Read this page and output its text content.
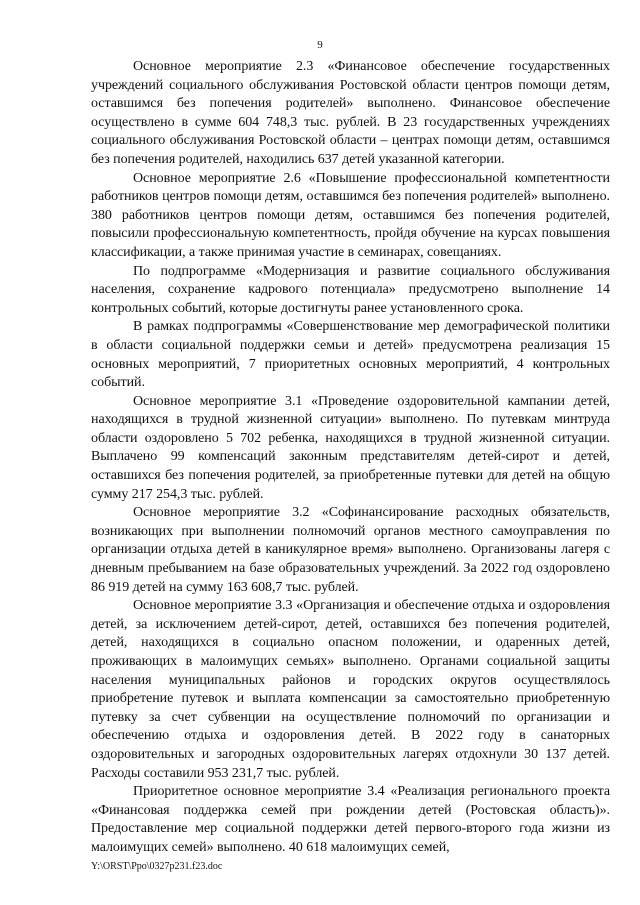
9

Основное мероприятие 2.3 «Финансовое обеспечение государственных учреждений социального обслуживания Ростовской области центров помощи детям, оставшимся без попечения родителей» выполнено. Финансовое обеспечение осуществлено в сумме 604 748,3 тыс. рублей. В 23 государственных учреждениях социального обслуживания Ростовской области – центрах помощи детям, оставшимся без попечения родителей, находились 637 детей указанной категории.

Основное мероприятие 2.6 «Повышение профессиональной компетентности работников центров помощи детям, оставшимся без попечения родителей» выполнено. 380 работников центров помощи детям, оставшимся без попечения родителей, повысили профессиональную компетентность, пройдя обучение на курсах повышения классификации, а также принимая участие в семинарах, совещаниях.

По подпрограмме «Модернизация и развитие социального обслуживания населения, сохранение кадрового потенциала» предусмотрено выполнение 14 контрольных событий, которые достигнуты ранее установленного срока.

В рамках подпрограммы «Совершенствование мер демографической политики в области социальной поддержки семьи и детей» предусмотрена реализация 15 основных мероприятий, 7 приоритетных основных мероприятий, 4 контрольных событий.

Основное мероприятие 3.1 «Проведение оздоровительной кампании детей, находящихся в трудной жизненной ситуации» выполнено. По путевкам минтруда области оздоровлено 5 702 ребенка, находящихся в трудной жизненной ситуации. Выплачено 99 компенсаций законным представителям детей-сирот и детей, оставшихся без попечения родителей, за приобретенные путевки для детей на общую сумму 217 254,3 тыс. рублей.

Основное мероприятие 3.2 «Софинансирование расходных обязательств, возникающих при выполнении полномочий органов местного самоуправления по организации отдыха детей в каникулярное время» выполнено. Организованы лагеря с дневным пребыванием на базе образовательных учреждений. За 2022 год оздоровлено 86 919 детей на сумму 163 608,7 тыс. рублей.

Основное мероприятие 3.3 «Организация и обеспечение отдыха и оздоровления детей, за исключением детей-сирот, детей, оставшихся без попечения родителей, детей, находящихся в социально опасном положении, и одаренных детей, проживающих в малоимущих семьях» выполнено. Органами социальной защиты населения муниципальных районов и городских округов осуществлялось приобретение путевок и выплата компенсации за самостоятельно приобретенную путевку за счет субвенции на осуществление полномочий по организации и обеспечению отдыха и оздоровления детей. В 2022 году в санаторных оздоровительных и загородных оздоровительных лагерях отдохнули 30 137 детей. Расходы составили 953 231,7 тыс. рублей.

Приоритетное основное мероприятие 3.4 «Реализация регионального проекта «Финансовая поддержка семей при рождении детей (Ростовская область)». Предоставление мер социальной поддержки детей первого-второго года жизни из малоимущих семей» выполнено. 40 618 малоимущих семей,

Y:\ORST\Ppo\0327p231.f23.doc
